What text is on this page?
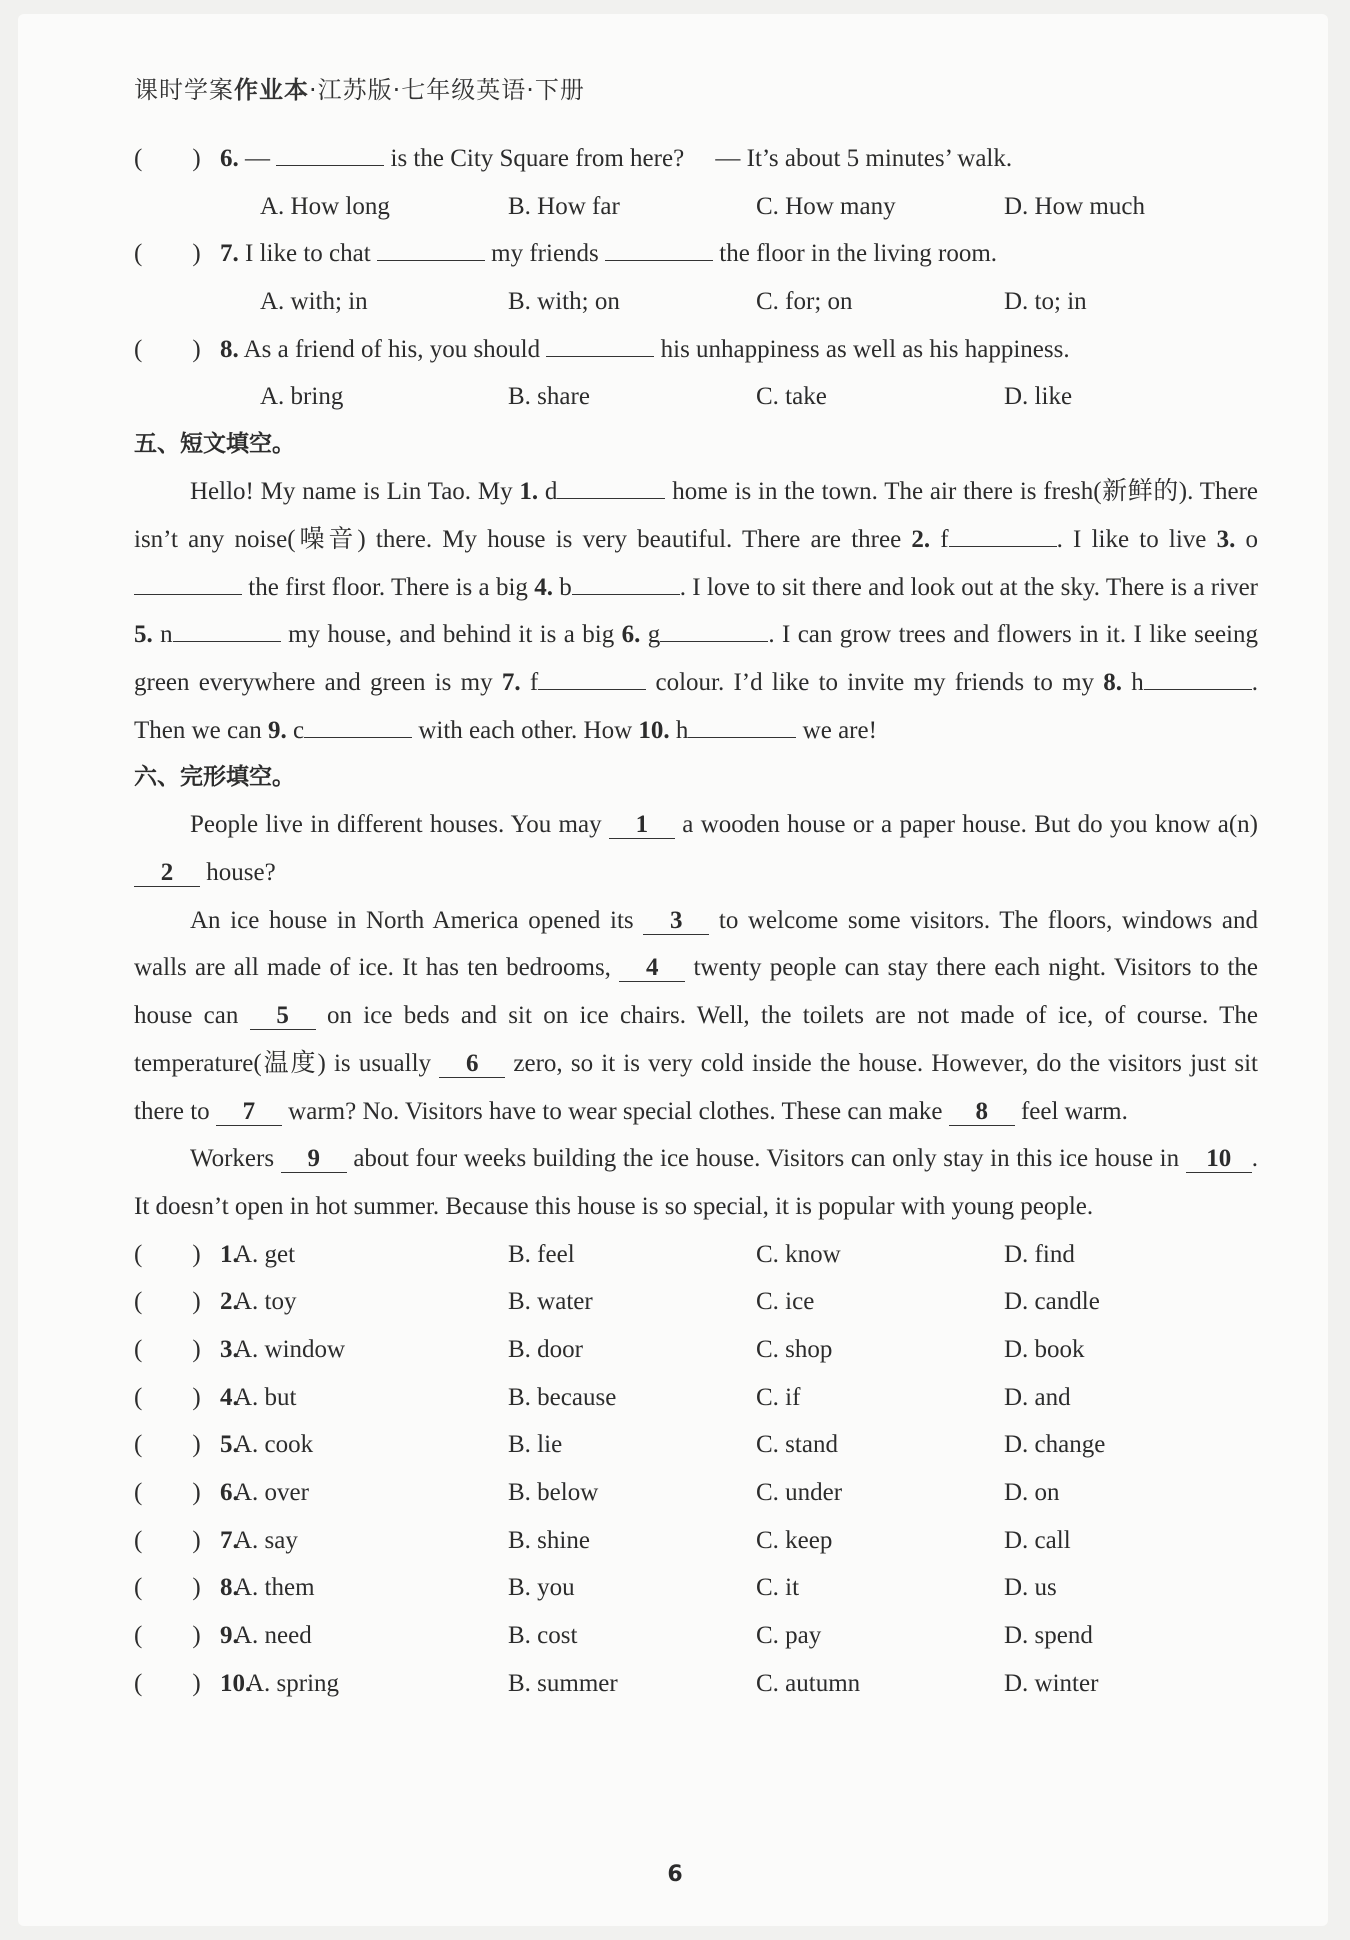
课时学案作业本·江苏版·七年级英语·下册
(　　) 6. —	is the City Square from here?　 — It’s about 5 minutes’ walk.
A. How long	B. How far	C. How many	D. How much
(　　) 7. I like to chat	my friends	the floor in the living room.
A. with; in	B. with; on	C. for; on	D. to; in
(　　) 8. As a friend of his, you should	his unhappiness as well as his happiness.
A. bring	B. share	C. take	D. like
五、短文填空。

Hello! My name is Lin Tao. My 1. d	home is in the town. The air there is fresh(新鲜的). There isn’t any noise(噪音) there. My house is very beautiful. There are three 2. f	. I like to live 3. o the first floor. There is a big 4. b	. I love to sit there and look out at the sky. There is a river 5. n	my house, and behind it is a big 6. g	. I can grow trees and flowers in it. I like seeing green everywhere and green is my 7. f	colour. I’d like to invite my friends to my 8. h	. Then we can 9. c	with each other. How 10. h	we are!

六、完形填空。

People live in different houses. You may 1 a wooden house or a paper house. But do you know a(n) 2 house?

An ice house in North America opened its 3 to welcome some visitors. The floors, windows and walls are all made of ice. It has ten bedrooms, 4 twenty people can stay there each night. Visitors to the house can 5 on ice beds and sit on ice chairs. Well, the toilets are not made of ice, of course. The temperature(温度) is usually 6 zero, so it is very cold inside the house. However, do the visitors just sit there to 7 warm? No. Visitors have to wear special clothes. These can make 8 feel warm.

Workers 9 about four weeks building the ice house. Visitors can only stay in this ice house in 10 . It doesn’t open in hot summer. Because this house is so special, it is popular with young people.

(　　) 1.
A. get	B. feel	C. know	D. find
(　　) 2.
A. toy	B. water	C. ice	D. candle
(　　) 3.
A. window	B. door	C. shop	D. book
(　　) 4.
A. but	B. because	C. if	D. and
(　　) 5.
A. cook	B. lie	C. stand	D. change
(　　) 6.
A. over	B. below	C. under	D. on
(　　) 7.
A. say	B. shine	C. keep	D. call
(　　) 8.
A. them	B. you	C. it	D. us
(　　) 9.
A. need	B. cost	C. pay	D. spend
(　　) 10.
A. spring	B. summer	C. autumn	D. winter
6
